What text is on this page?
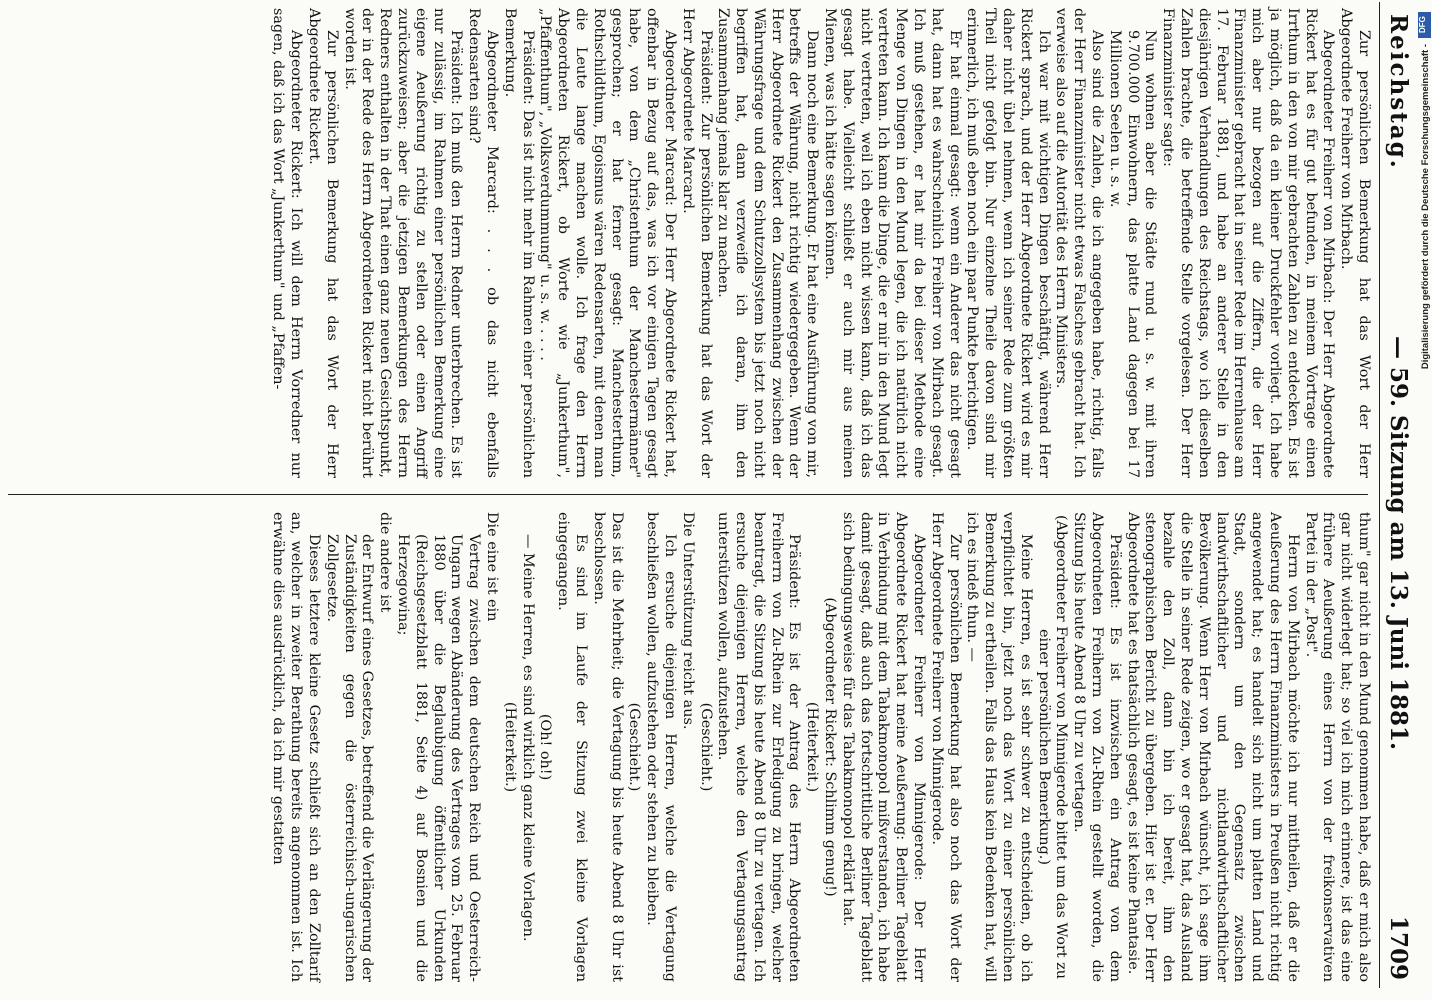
Reichstag.
— 59. Sitzung am 13. Juni 1881.
1709

Zur persönlichen Bemerkung hat das Wort der Herr Abgeordnete Freiherr von Mirbach.

Abgeordneter Freiherr von Mirbach: Der Herr Abgeordnete Rickert hat es für gut befunden, in meinem Vortrage einen Irrthum in den von mir gebrachten Zahlen zu entdecken. Es ist ja möglich, daß da ein kleiner Druckfehler vorliegt. Ich habe mich aber nur bezogen auf die Ziffern, die der Herr Finanzminister gebracht hat in seiner Rede im Herrenhause am 17. Februar 1881, und habe an anderer Stelle in den diesjährigen Verhandlungen des Reichstags, wo ich dieselben Zahlen brachte, die betreffende Stelle vorgelesen. Der Herr Finanzminister sagte:

Nun wohnen aber die Städte rund u. s. w. mit ihren 9.700.000 Einwohnern, das platte Land dagegen bei 17 Millionen Seelen u. s. w.

Also sind die Zahlen, die ich angegeben habe, richtig, falls der Herr Finanzminister nicht etwas Falsches gebracht hat. Ich verweise also auf die Autorität des Herrn Ministers.

Ich war mit wichtigen Dingen beschäftigt, während Herr Rickert sprach, und der Herr Abgeordnete Rickert wird es mir daher nicht übel nehmen, wenn ich seiner Rede zum größten Theil nicht gefolgt bin. Nur einzelne Theile davon sind mir erinnerlich, ich muß eben noch ein paar Punkte berichtigen.

Er hat einmal gesagt: wenn ein Anderer das nicht gesagt hat, dann hat es wahrscheinlich Freiherr von Mirbach gesagt. Ich muß gestehen, er hat mir da bei dieser Methode eine Menge von Dingen in den Mund legen, die ich natürlich nicht vertreten kann. Ich kann die Dinge, die er mir in den Mund legt nicht vertreten, weil ich eben nicht wissen kann, daß ich das gesagt habe. Vielleicht schließt er auch mir aus meinen Mienen, was ich hätte sagen können.

Dann noch eine Bemerkung. Er hat eine Ausführung von mir, betreffs der Währung, nicht richtig wiedergegeben. Wenn der Herr Abgeordnete Rickert den Zusammenhang zwischen der Währungsfrage und dem Schutzzollsystem bis jetzt noch nicht begriffen hat, dann verzweifle ich daran, ihm den Zusammenhang jemals klar zu machen.

Präsident: Zur persönlichen Bemerkung hat das Wort der Herr Abgeordnete Marcard.

Abgeordneter Marcard: Der Herr Abgeordnete Rickert hat, offenbar in Bezug auf das, was ich vor einigen Tagen gesagt habe, von dem „Christenthum der Manchestermänner" gesprochen; er hat ferner gesagt: Manchesterthum, Rothschildthum, Egoismus wären Redensarten, mit denen man die Leute lange machen wolle. Ich frage den Herrn Abgeordneten Rickert, ob Worte wie „Junkerthum", „Pfaffenthum", „Volksverdummung" u. s. w. . . . .

Präsident: Das ist nicht mehr im Rahmen einer persönlichen Bemerkung.

Abgeordneter Marcard: . . . ob das nicht ebenfalls Redensarten sind?

Präsident: Ich muß den Herrn Redner unterbrechen. Es ist nur zulässig, im Rahmen einer persönlichen Bemerkung eine eigene Aeußerung richtig zu stellen oder einen Angriff zurückzuweisen; aber die jetzigen Bemerkungen des Herrn Redners enthalten in der That einen ganz neuen Gesichtspunkt, der in der Rede des Herrn Abgeordneten Rickert nicht berührt worden ist.

Zur persönlichen Bemerkung hat das Wort der Herr Abgeordnete Rickert.

Abgeordneter Rickert: Ich will dem Herrn Vorredner nur sagen, daß ich das Wort „Junkerthum" und „Pfaffen-

thum" gar nicht in den Mund genommen habe, daß er mich also gar nicht widerlegt hat; so viel ich mich erinnere, ist das eine frühere Aeußerung eines Herrn von der freikonservativen Partei in der „Post".

Herrn von Mirbach möchte ich nur mittheilen, daß er die Aeußerung des Herrn Finanzministers in Preußen nicht richtig angewendet hat; es handelt sich nicht um platten Land und Stadt, sondern um den Gegensatz zwischen landwirthschaftlicher und nichtlandwirthschaftlicher Bevölkerung. Wenn Herr von Mirbach wünscht, ich sage ihm die Stelle in seiner Rede zeigen, wo er gesagt hat, das Ausland bezahle den Zoll, dann bin ich bereit, ihm den stenographischen Bericht zu übergeben. Hier ist er. Der Herr Abgeordnete hat es thatsächlich gesagt, es ist keine Phantasie.

Präsident: Es ist inzwischen ein Antrag von dem Abgeordneten Freiherrn von Zu-Rhein gestellt worden, die Sitzung bis heute Abend 8 Uhr zu vertagen.

(Abgeordneter Freiherr von Minnigerode bittet um das Wort zu einer persönlichen Bemerkung.)

Meine Herren, es ist sehr schwer zu entscheiden, ob ich verpflichtet bin, jetzt noch das Wort zu einer persönlichen Bemerkung zu ertheilen. Falls das Haus kein Bedenken hat, will ich es indeß thun. —

Zur persönlichen Bemerkung hat also noch das Wort der Herr Abgeordnete Freiherr von Minnigerode.

Abgeordneter Freiherr von Minnigerode: Der Herr Abgeordnete Rickert hat meine Aeußerung: Berliner Tageblatt in Verbindung mit dem Tabakmonopol mißverstanden, ich habe damit gesagt, daß auch das fortschrittliche Berliner Tageblatt sich bedingungsweise für das Tabakmonopol erklärt hat.

(Abgeordneter Rickert: Schlimm genug!)

(Heiterkeit.)

Präsident: Es ist der Antrag des Herrn Abgeordneten Freiherrn von Zu-Rhein zur Erledigung zu bringen, welcher beantragt, die Sitzung bis heute Abend 8 Uhr zu vertagen. Ich ersuche diejenigen Herren, welche den Vertagungsantrag unterstützen wollen, aufzustehen.

(Geschieht.)

Die Unterstützung reicht aus.

Ich ersuche diejenigen Herren, welche die Vertagung beschließen wollen, aufzustehen oder stehen zu bleiben.

(Geschieht.)

Das ist die Mehrheit; die Vertagung bis heute Abend 8 Uhr ist beschlossen.

Es sind im Laufe der Sitzung zwei kleine Vorlagen eingegangen.

(Oh! oh!)

— Meine Herren, es sind wirklich ganz kleine Vorlagen.

(Heiterkeit.)

Die eine ist ein

Vertrag zwischen dem deutschen Reich und Oesterreich-Ungarn wegen Abänderung des Vertrages vom 25. Februar 1880 über die Beglaubigung öffentlicher Urkunden (Reichsgesetzblatt 1881, Seite 4) auf Bosnien und die Herzegowina;

die andere ist

der Entwurf eines Gesetzes, betreffend die Verlängerung der Zuständigkeiten gegen die österreichisch-ungarischen Zollgesetze.

Dieses letztere kleine Gesetz schließt sich an den Zolltarif an, welcher in zweiter Berathung bereits angenommen ist. Ich erwähne dies ausdrücklich, da ich mir gestatten

DFG
Digitalisierung gefördert durch die Deutsche Forschungsgemeinschaft -
